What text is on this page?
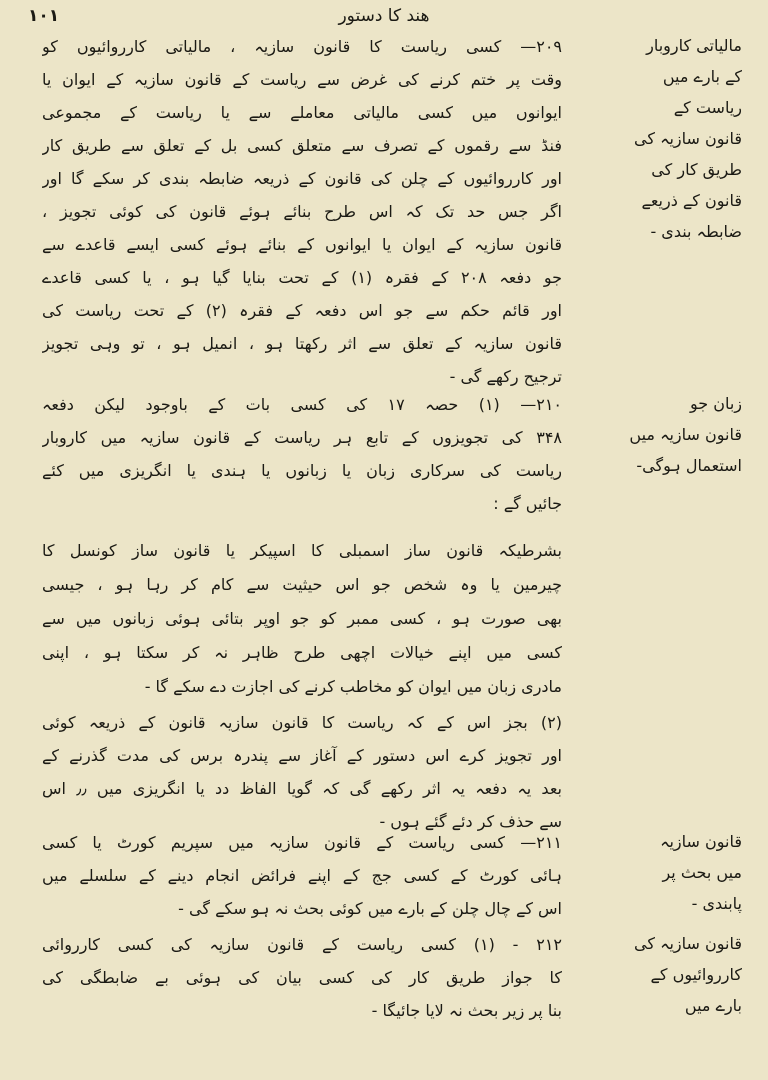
۱۰۱	ھند کا دستور
مالیاتی کاروبار
کے بارے میں
ریاست کے
قانون سازیہ کی
طریق کار کی
قانون کے ذریعے
ضابطہ بندی -
۲۰۹— کسی ریاست کا قانون سازیہ ، مالیاتی کارروائیوں کو
وقت پر ختم کرنے کی غرض سے ریاست کے قانون سازیہ کے ایوان یا
ایوانوں میں کسی مالیاتی معاملے سے یا ریاست کے مجموعی
فنڈ سے رقموں کے تصرف سے متعلق کسی بل کے تعلق سے طریق کار
اور کارروائیوں کے چلن کی قانون کے ذریعہ ضابطہ بندی کر سکے گا اور
اگر جس حد تک کہ اس طرح بنائے ہوئے قانون کی کوئی تجویز ،
قانون سازیہ کے ایوان یا ایوانوں کے بنائے ہوئے کسی ایسے قاعدے سے
جو دفعہ ۲۰۸ کے فقرہ (۱) کے تحت بنایا گیا ہو ، یا کسی قاعدے
اور قائم حکم سے جو اس دفعہ کے فقرہ (۲) کے تحت ریاست کی
قانون سازیہ کے تعلق سے اثر رکھتا ہو ، انمیل ہو ، تو وہی تجویز
ترجیح رکھے گی -
زبان جو
قانون سازیہ میں
استعمال ہوگی-
۲۱۰— (۱) حصہ ۱۷ کی کسی بات کے باوجود لیکن دفعہ
۳۴۸ کی تجویزوں کے تابع ہر ریاست کے قانون سازیہ میں کاروبار
ریاست کی سرکاری زبان یا زبانوں یا ہندی یا انگریزی میں کئے
جائیں گے :
بشرطیکہ قانون ساز اسمبلی کا اسپیکر یا قانون ساز کونسل کا
چیرمین یا وہ شخص جو اس حیثیت سے کام کر رہا ہو ، جیسی
بھی صورت ہو ، کسی ممبر کو جو اوپر بتائی ہوئی زبانوں میں سے
کسی میں اپنے خیالات اچھی طرح ظاہر نہ کر سکتا ہو ، اپنی
مادری زبان میں ایوان کو مخاطب کرنے کی اجازت دے سکے گا -
(۲) بجز اس کے کہ ریاست کا قانون سازیہ قانون کے ذریعہ کوئی
اور تجویز کرے اس دستور کے آغاز سے پندرہ برس کی مدت گذرنے کے
بعد یہ دفعہ یہ اثر رکھے گی کہ گویا الفاظ دد یا انگریزی میں ٫٫ اس
سے حذف کر دئے گئے ہوں -
قانون سازیہ
میں بحث پر
پابندی -
۲۱۱— کسی ریاست کے قانون سازیہ میں سپریم کورٹ یا کسی
ہائی کورٹ کے کسی جج کے اپنے فرائض انجام دینے کے سلسلے میں
اس کے چال چلن کے بارے میں کوئی بحث نہ ہو سکے گی -
قانون سازیہ کی
کارروائیوں کے
بارے میں
۲۱۲ - (۱) کسی ریاست کے قانون سازیہ کی کسی کارروائی
کا جواز طریق کار کی کسی بیان کی ہوئی بے ضابطگی کی
بنا پر زیر بحث نہ لایا جائیگا -
